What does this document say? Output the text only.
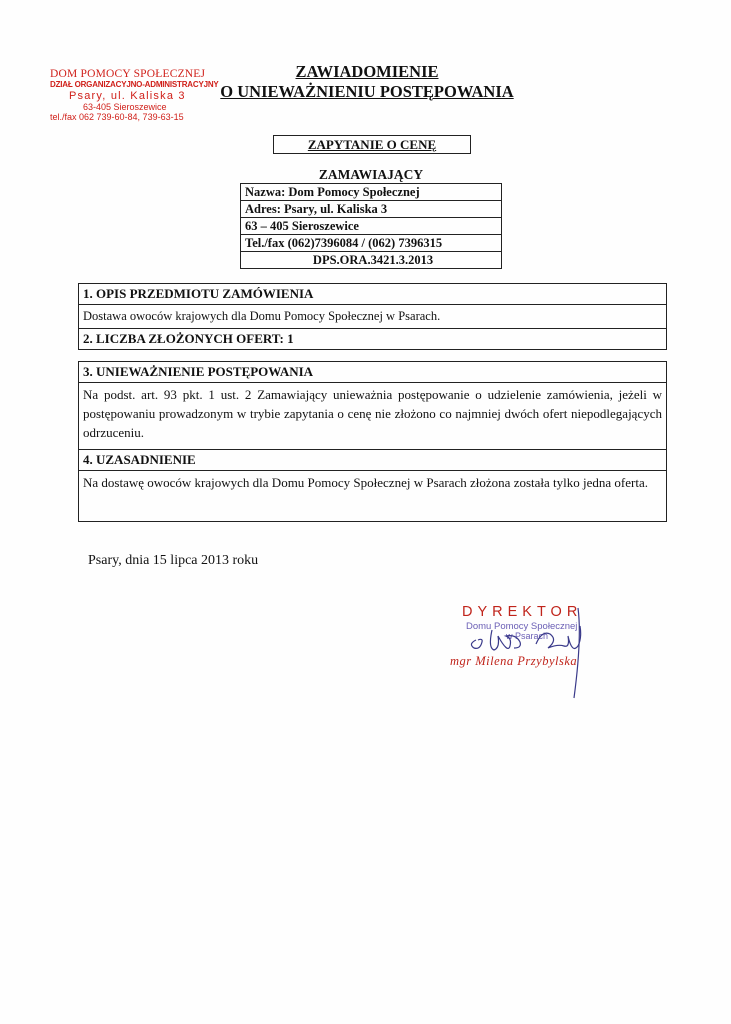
DOM POMOCY SPOŁECZNEJ
DZIAŁ ORGANIZACYJNO-ADMINISTRACYJNY
Psary, ul. Kaliska 3
63-405 Sieroszewice
tel./fax 062 739-60-84, 739-63-15
ZAWIADOMIENIE
O UNIEWAŻNIENIU POSTĘPOWANIA
ZAPYTANIE O CENĘ
ZAMAWIAJĄCY
Nazwa: Dom Pomocy Społecznej
Adres: Psary, ul. Kaliska 3
63 – 405 Sieroszewice
Tel./fax (062)7396084 / (062) 7396315
DPS.ORA.3421.3.2013
1. OPIS PRZEDMIOTU ZAMÓWIENIA
Dostawa owoców krajowych dla Domu Pomocy Społecznej w Psarach.
2. LICZBA ZŁOŻONYCH OFERT: 1
3. UNIEWAŻNIENIE POSTĘPOWANIA
Na podst. art. 93 pkt. 1 ust. 2 Zamawiający unieważnia postępowanie o udzielenie zamówienia, jeżeli w postępowaniu prowadzonym w trybie zapytania o cenę nie złożono co najmniej dwóch ofert niepodlegających odrzuceniu.
4. UZASADNIENIE
Na dostawę owoców krajowych dla Domu Pomocy Społecznej w Psarach złożona została tylko jedna oferta.
Psary, dnia 15 lipca 2013 roku
DYREKTOR
Domu Pomocy Społecznej
w Psarach
mgr Milena Przybylska
